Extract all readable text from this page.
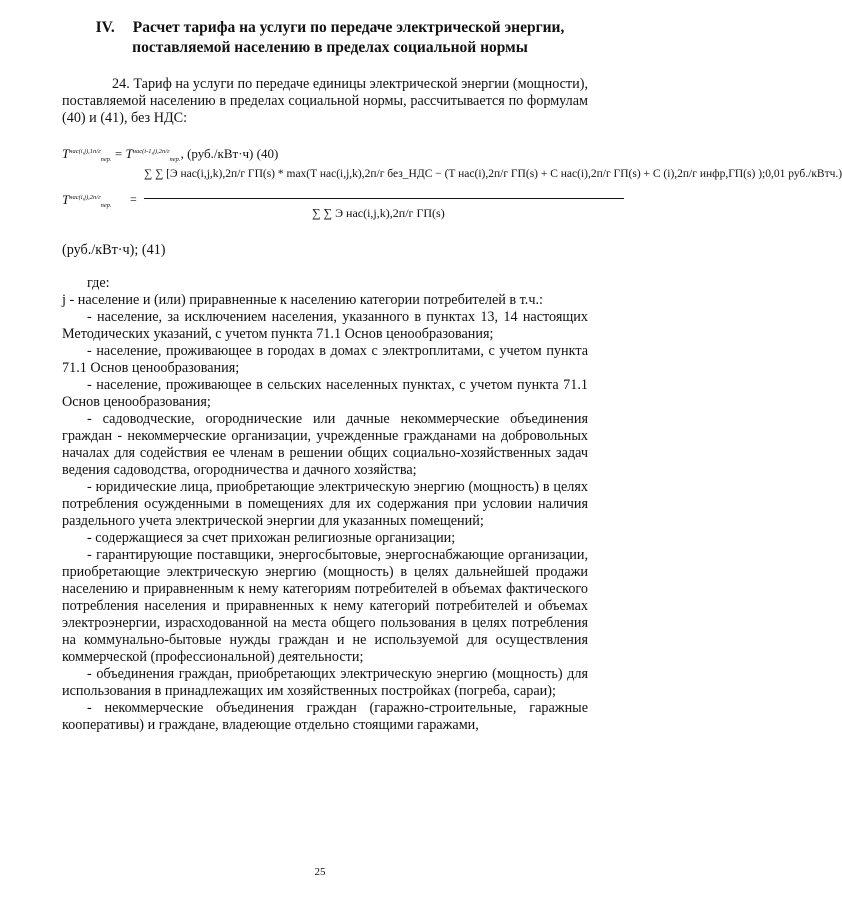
IV. Расчет тарифа на услуги по передаче электрической энергии,
поставляемой населению в пределах социальной нормы

24. Тариф на услуги по передаче единицы электрической энергии (мощности), поставляемой населению в пределах социальной нормы, рассчитывается по формулам (40) и (41), без НДС:

$T^{нас(i,j),1п/г}_{пер.} = T^{нас(i-1,j),2п/г}_{пер.}$, (руб./кВт·ч) (40)
$T^{нас(i,j),2п/г}_{пер.}$ =
∑ ∑ [Э нас(i,j,k),2п/г ГП(s) * max(T нас(i,j,k),2п/г без_НДС − (T нас(i),2п/г ГП(s) + C нас(i),2п/г ГП(s) + C (i),2п/г инфр,ГП(s) );0,01 руб./кВтч.)
∑ ∑ Э нас(i,j,k),2п/г ГП(s)
(руб./кВт·ч); (41)

где:

j - население и (или) приравненные к населению категории потребителей в т.ч.:

- население, за исключением населения, указанного в пунктах 13, 14 настоящих Методических указаний, с учетом пункта 71.1 Основ ценообразования;

- население, проживающее в городах в домах с электроплитами, с учетом пункта 71.1 Основ ценообразования;

- население, проживающее в сельских населенных пунктах, с учетом пункта 71.1 Основ ценообразования;

- садоводческие, огороднические или дачные некоммерческие объединения граждан - некоммерческие организации, учрежденные гражданами на добровольных началах для содействия ее членам в решении общих социально-хозяйственных задач ведения садоводства, огородничества и дачного хозяйства;

- юридические лица, приобретающие электрическую энергию (мощность) в целях потребления осужденными в помещениях для их содержания при условии наличия раздельного учета электрической энергии для указанных помещений;

- содержащиеся за счет прихожан религиозные организации;

- гарантирующие поставщики, энергосбытовые, энергоснабжающие организации, приобретающие электрическую энергию (мощность) в целях дальнейшей продажи населению и приравненным к нему категориям потребителей в объемах фактического потребления населения и приравненных к нему категорий потребителей и объемах электроэнергии, израсходованной на места общего пользования в целях потребления на коммунально-бытовые нужды граждан и не используемой для осуществления коммерческой (профессиональной) деятельности;

- объединения граждан, приобретающих электрическую энергию (мощность) для использования в принадлежащих им хозяйственных постройках (погреба, сараи);

- некоммерческие объединения граждан (гаражно-строительные, гаражные кооперативы) и граждане, владеющие отдельно стоящими гаражами,

25
